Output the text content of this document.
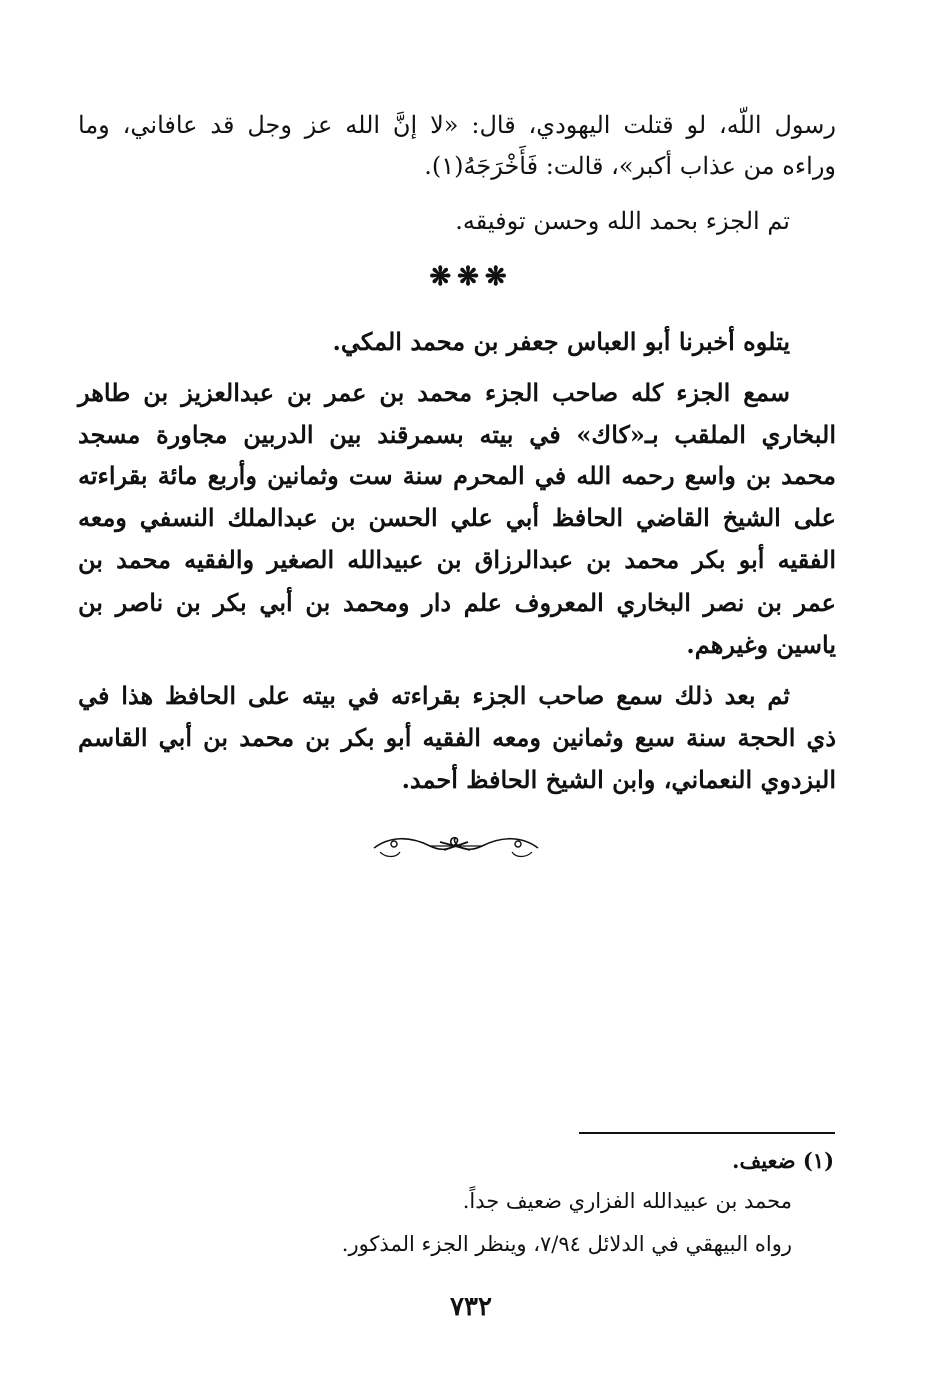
رسول اللّه، لو قتلت اليهودي، قال: «لا إنَّ الله عز وجل قد عافاني، وما
وراءه من عذاب أكبر»، قالت: فَأَخْرَجَهُ(١).
تم الجزء بحمد الله وحسن توفيقه.
❋❋❋
يتلوه أخبرنا أبو العباس جعفر بن محمد المكي.
سمع الجزء كله صاحب الجزء محمد بن عمر بن عبدالعزيز بن طاهر
البخاري الملقب بـ«كاك» في بيته بسمرقند بين الدربين مجاورة مسجد
محمد بن واسع رحمه الله في المحرم سنة ست وثمانين وأربع مائة بقراءته
على الشيخ القاضي الحافظ أبي علي الحسن بن عبدالملك النسفي ومعه
الفقيه أبو بكر محمد بن عبدالرزاق بن عبيدالله الصغير والفقيه محمد بن
عمر بن نصر البخاري المعروف علم دار ومحمد بن أبي بكر بن ناصر بن
ياسين وغيرهم.
ثم بعد ذلك سمع صاحب الجزء بقراءته في بيته على الحافظ هذا في
ذي الحجة سنة سبع وثمانين ومعه الفقيه أبو بكر بن محمد بن أبي القاسم
البزدوي النعماني، وابن الشيخ الحافظ أحمد.
(١) ضعيف.
محمد بن عبيدالله الفزاري ضعيف جداً.
رواه البيهقي في الدلائل ٧/٩٤، وينظر الجزء المذكور.
٧٣٢
